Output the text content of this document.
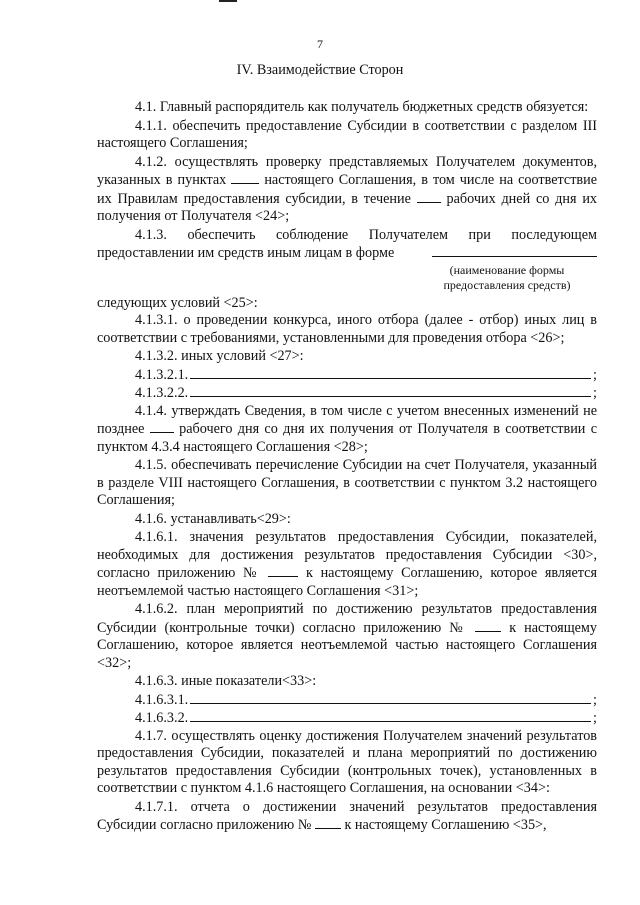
7
IV. Взаимодействие Сторон

4.1. Главный распорядитель как получатель бюджетных средств обязуется:

4.1.1. обеспечить предоставление Субсидии в соответствии с разделом III настоящего Соглашения;

4.1.2. осуществлять проверку представляемых Получателем документов, указанных в пунктах	настоящего Соглашения, в том числе на соответствие их Правилам предоставления субсидии, в течение	рабочих дней со дня их получения от Получателя <24>;

4.1.3. обеспечить соблюдение Получателем при последующем
предоставлении им средств иным лицам в форме
(наименование формы предоставления средств)
следующих условий <25>:

4.1.3.1. о проведении конкурса, иного отбора (далее - отбор) иных лиц в соответствии с требованиями, установленными для проведения отбора <26>;

4.1.3.2. иных условий <27>:

4.1.3.2.1.	;
4.1.3.2.2.	;

4.1.4. утверждать Сведения, в том числе с учетом внесенных изменений не позднее рабочего дня со дня их получения от Получателя в соответствии с пунктом 4.3.4 настоящего Соглашения <28>;

4.1.5. обеспечивать перечисление Субсидии на счет Получателя, указанный в разделе VIII настоящего Соглашения, в соответствии с пунктом 3.2 настоящего Соглашения;

4.1.6. устанавливать<29>:

4.1.6.1. значения результатов предоставления Субсидии, показателей, необходимых для достижения результатов предоставления Субсидии <30>, согласно приложению №	к настоящему Соглашению, которое является неотъемлемой частью настоящего Соглашения <31>;

4.1.6.2. план мероприятий по достижению результатов предоставления Субсидии (контрольные точки) согласно приложению №	к настоящему Соглашению, которое является неотъемлемой частью настоящего Соглашения <32>;

4.1.6.3. иные показатели<33>:

4.1.6.3.1.	;
4.1.6.3.2.	;

4.1.7. осуществлять оценку достижения Получателем значений результатов предоставления Субсидии, показателей и плана мероприятий по достижению результатов предоставления Субсидии (контрольных точек), установленных в соответствии с пунктом 4.1.6 настоящего Соглашения, на основании <34>:

4.1.7.1. отчета о достижении значений результатов предоставления Субсидии согласно приложению № к настоящему Соглашению <35>,
